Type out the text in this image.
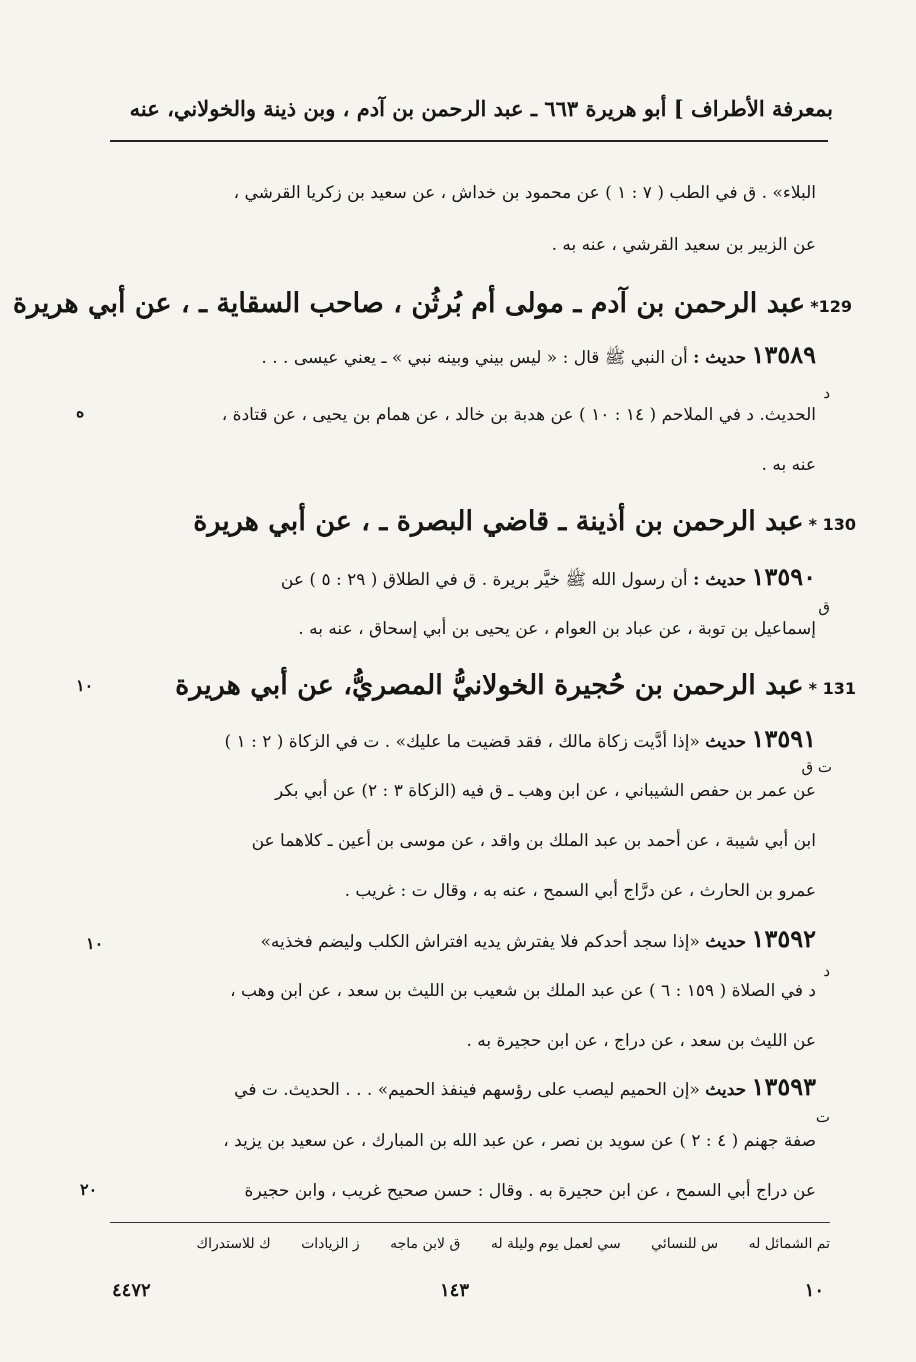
بمعرفة الأطراف ] أبو هريرة ٦٦٣ ـ عبد الرحمن بن آدم ، وبن ذينة والخولاني، عنه
البلاء» . ق في الطب ( ٧ : ١ ) عن محمود بن خداش ، عن سعيد بن زكريا القرشي ،
عن الزبير بن سعيد القرشي ، عنه به .
129* عبد الرحمن بن آدم ـ مولى أم بُرثُن ، صاحب السقاية ـ ، عن أبي هريرة
١٣٥٨٩ حديث : أن النبي ﷺ قال : « ليس بيني وبينه نبي » ـ يعني عيسى . . .
د
الحديث. د في الملاحم ( ١٤ : ١٠ ) عن هدبة بن خالد ، عن همام بن يحيى ، عن قتادة ،
ه
عنه به .
130 * عبد الرحمن بن أذينة ـ قاضي البصرة ـ ، عن أبي هريرة
١٣٥٩٠ حديث : أن رسول الله ﷺ خيَّر بريرة . ق في الطلاق ( ٢٩ : ٥ ) عن
ق
إسماعيل بن توبة ، عن عباد بن العوام ، عن يحيى بن أبي إسحاق ، عنه به .
131 * عبد الرحمن بن حُجيرة الخولانيُّ المصريُّ، عن أبي هريرة
١٠
١٣٥٩١ حديث «إذا أدَّيت زكاة مالك ، فقد قضيت ما عليك» . ت في الزكاة ( ٢ : ١ )
ت ق
عن عمر بن حفص الشيباني ، عن ابن وهب ـ ق فيه (الزكاة ٣ : ٢) عن أبي بكر
ابن أبي شيبة ، عن أحمد بن عبد الملك بن واقد ، عن موسى بن أعين ـ كلاهما عن
عمرو بن الحارث ، عن درَّاج أبي السمح ، عنه به ، وقال ت : غريب .
١٣٥٩٢ حديث «إذا سجد أحدكم فلا يفترش يديه افتراش الكلب وليضم فخذيه»
١٠
د
د في الصلاة ( ١٥٩ : ٦ ) عن عبد الملك بن شعيب بن الليث بن سعد ، عن ابن وهب ،
عن الليث بن سعد ، عن دراج ، عن ابن حجيرة به .
١٣٥٩٣ حديث «إن الحميم ليصب على رؤسهم فينفذ الحميم» . . . الحديث. ت في
ت
صفة جهنم ( ٤ : ٢ ) عن سويد بن نصر ، عن عبد الله بن المبارك ، عن سعيد بن يزيد ،
عن دراج أبي السمح ، عن ابن حجيرة به . وقال : حسن صحيح غريب ، وابن حجيرة
٢٠
تم الشمائل له س للنسائي سي لعمل يوم وليلة له ق لابن ماجه ز الزيادات ك للاستدراك
٤٤٧٢	١٤٣	١٠
